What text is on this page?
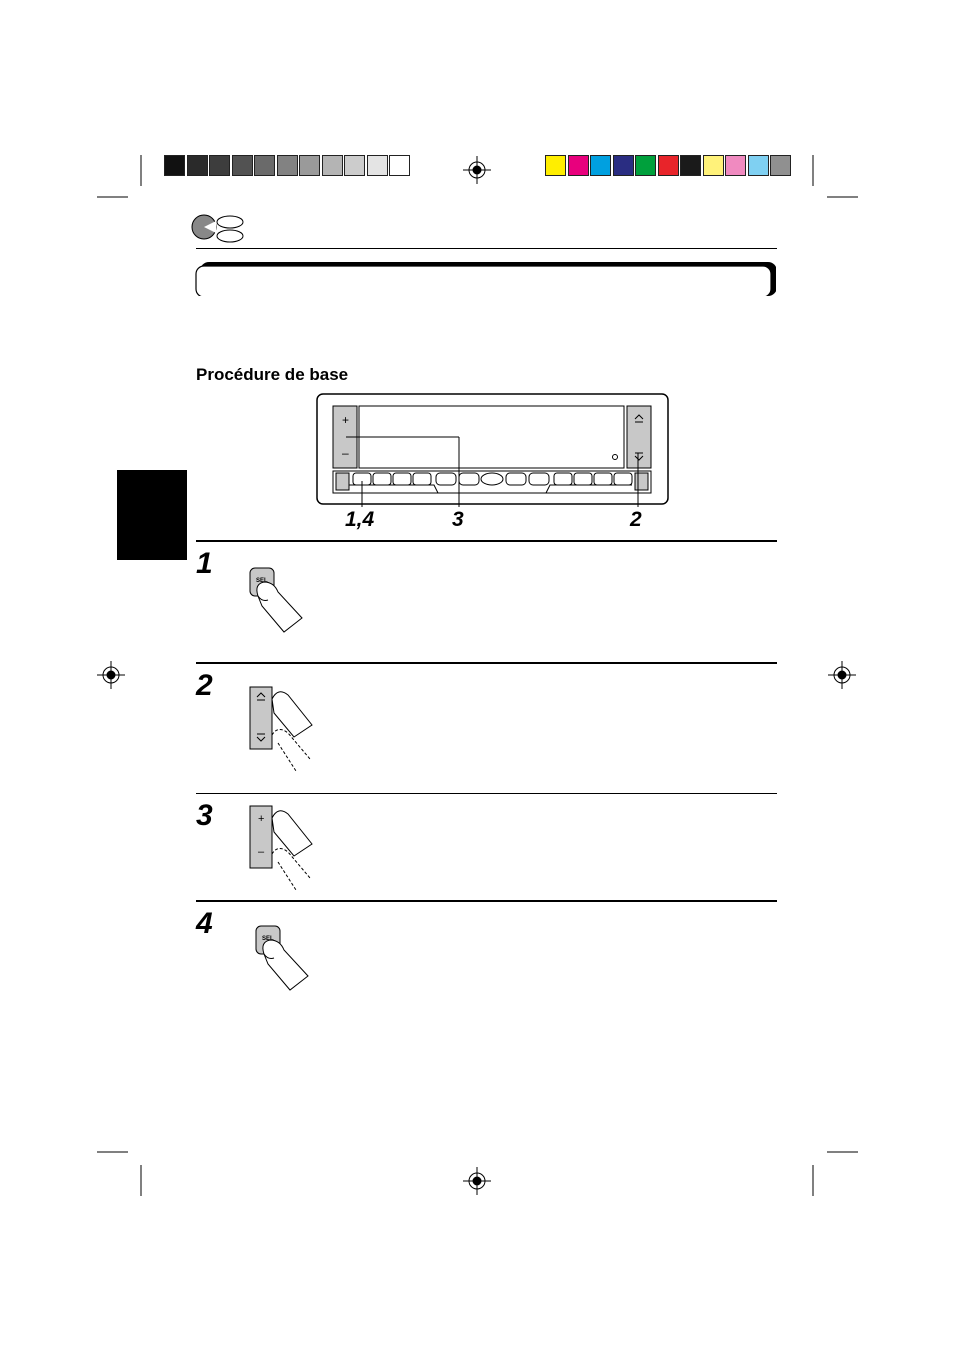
Procédure de base
+
–
1,4	3	2
1
2
3
4
SEL
+
–
SEL
